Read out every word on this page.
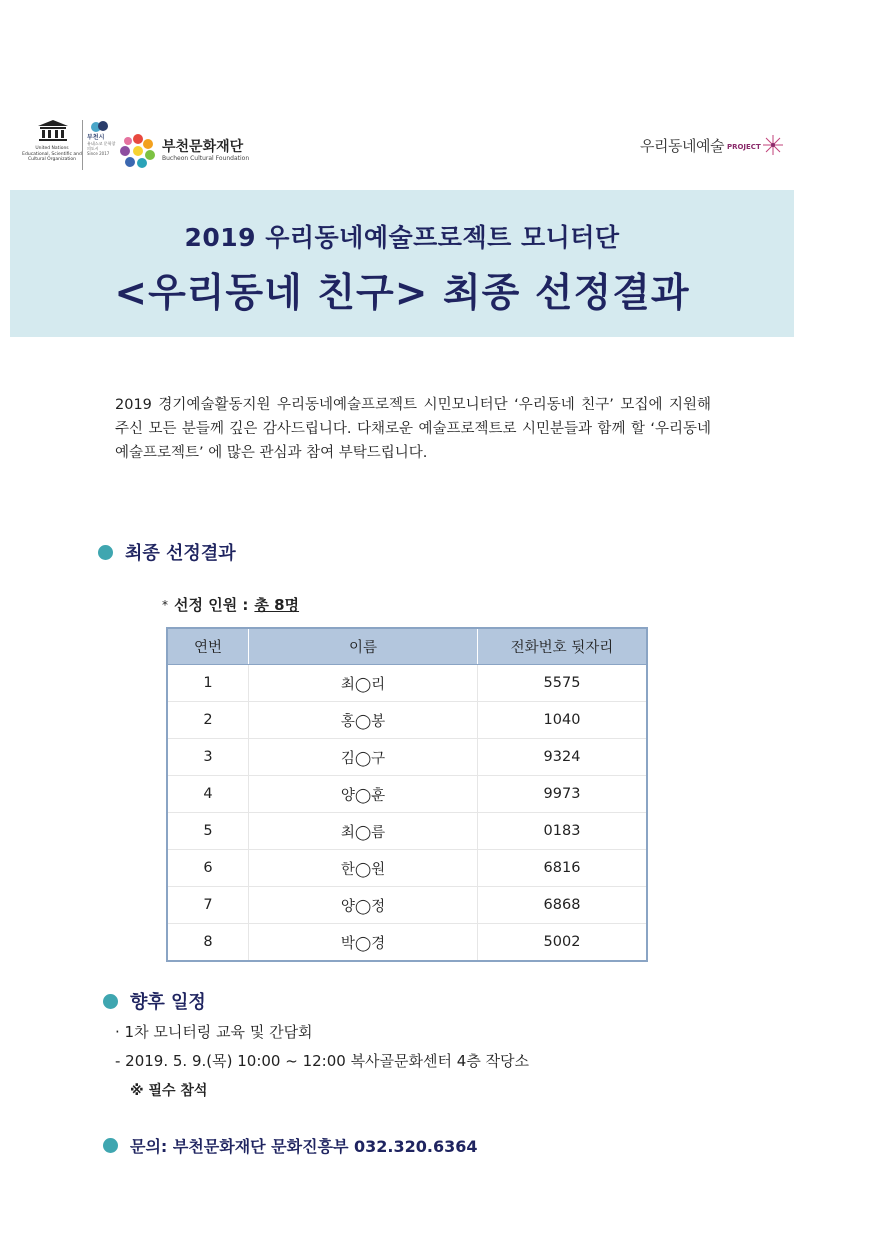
United Nations Educational, Scientific and Cultural Organization
부천시
유네스코 문학창의도시
Since 2017	부천문화재단
Bucheon Cultural Foundation
우리동네예술 PROJECT
2019 우리동네예술프로젝트 모니터단
<우리동네 친구> 최종 선정결과
2019 경기예술활동지원 우리동네예술프로젝트 시민모니터단 ‘우리동네 친구’ 모집에 지원해주신 모든 분들께 깊은 감사드립니다. 다채로운 예술프로젝트로 시민분들과 함께 할 ‘우리동네예술프로젝트’ 에 많은 관심과 참여 부탁드립니다.
최종 선정결과
* 선정 인원 : 총 8명
연번	이름	전화번호 뒷자리
1	최◯리	5575
2	홍◯봉	1040
3	김◯구	9324
4	양◯훈	9973
5	최◯름	0183
6	한◯원	6816
7	양◯정	6868
8	박◯경	5002
향후 일정
· 1차 모니터링 교육 및 간담회
- 2019. 5. 9.(목) 10:00 ~ 12:00 복사골문화센터 4층 작당소
※ 필수 참석
문의: 부천문화재단 문화진흥부 032.320.6364
